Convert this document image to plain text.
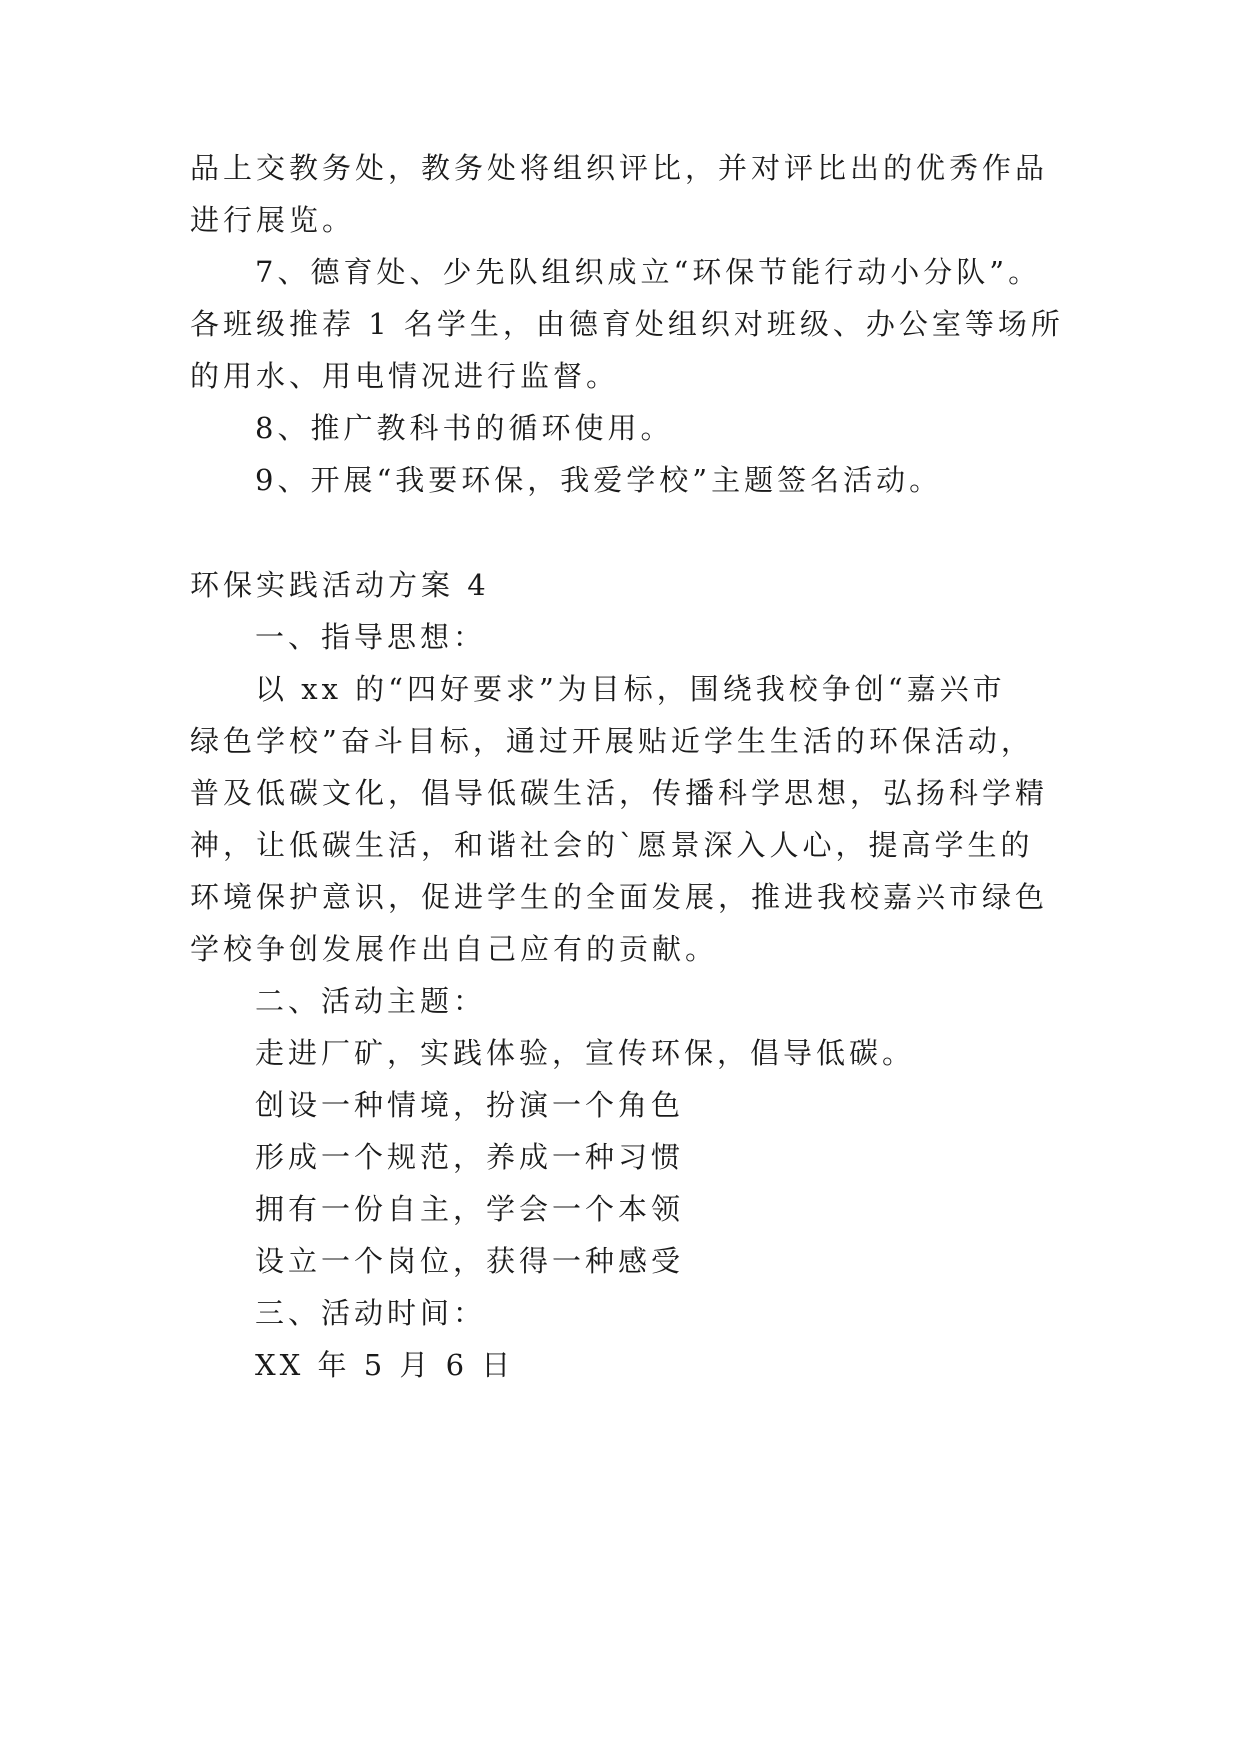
品上交教务处，教务处将组织评比，并对评比出的优秀作品
进行展览。
7、德育处、少先队组织成立“环保节能行动小分队”。
各班级推荐 1 名学生，由德育处组织对班级、办公室等场所
的用水、用电情况进行监督。
8、推广教科书的循环使用。
9、开展“我要环保，我爱学校”主题签名活动。
环保实践活动方案 4
一、指导思想：
以 xx 的“四好要求”为目标，围绕我校争创“嘉兴市
绿色学校”奋斗目标，通过开展贴近学生生活的环保活动，
普及低碳文化，倡导低碳生活，传播科学思想，弘扬科学精
神，让低碳生活，和谐社会的`愿景深入人心，提高学生的
环境保护意识，促进学生的全面发展，推进我校嘉兴市绿色
学校争创发展作出自己应有的贡献。
二、活动主题：
走进厂矿，实践体验，宣传环保，倡导低碳。
创设一种情境，扮演一个角色
形成一个规范，养成一种习惯
拥有一份自主，学会一个本领
设立一个岗位，获得一种感受
三、活动时间：
XX 年 5 月 6 日
